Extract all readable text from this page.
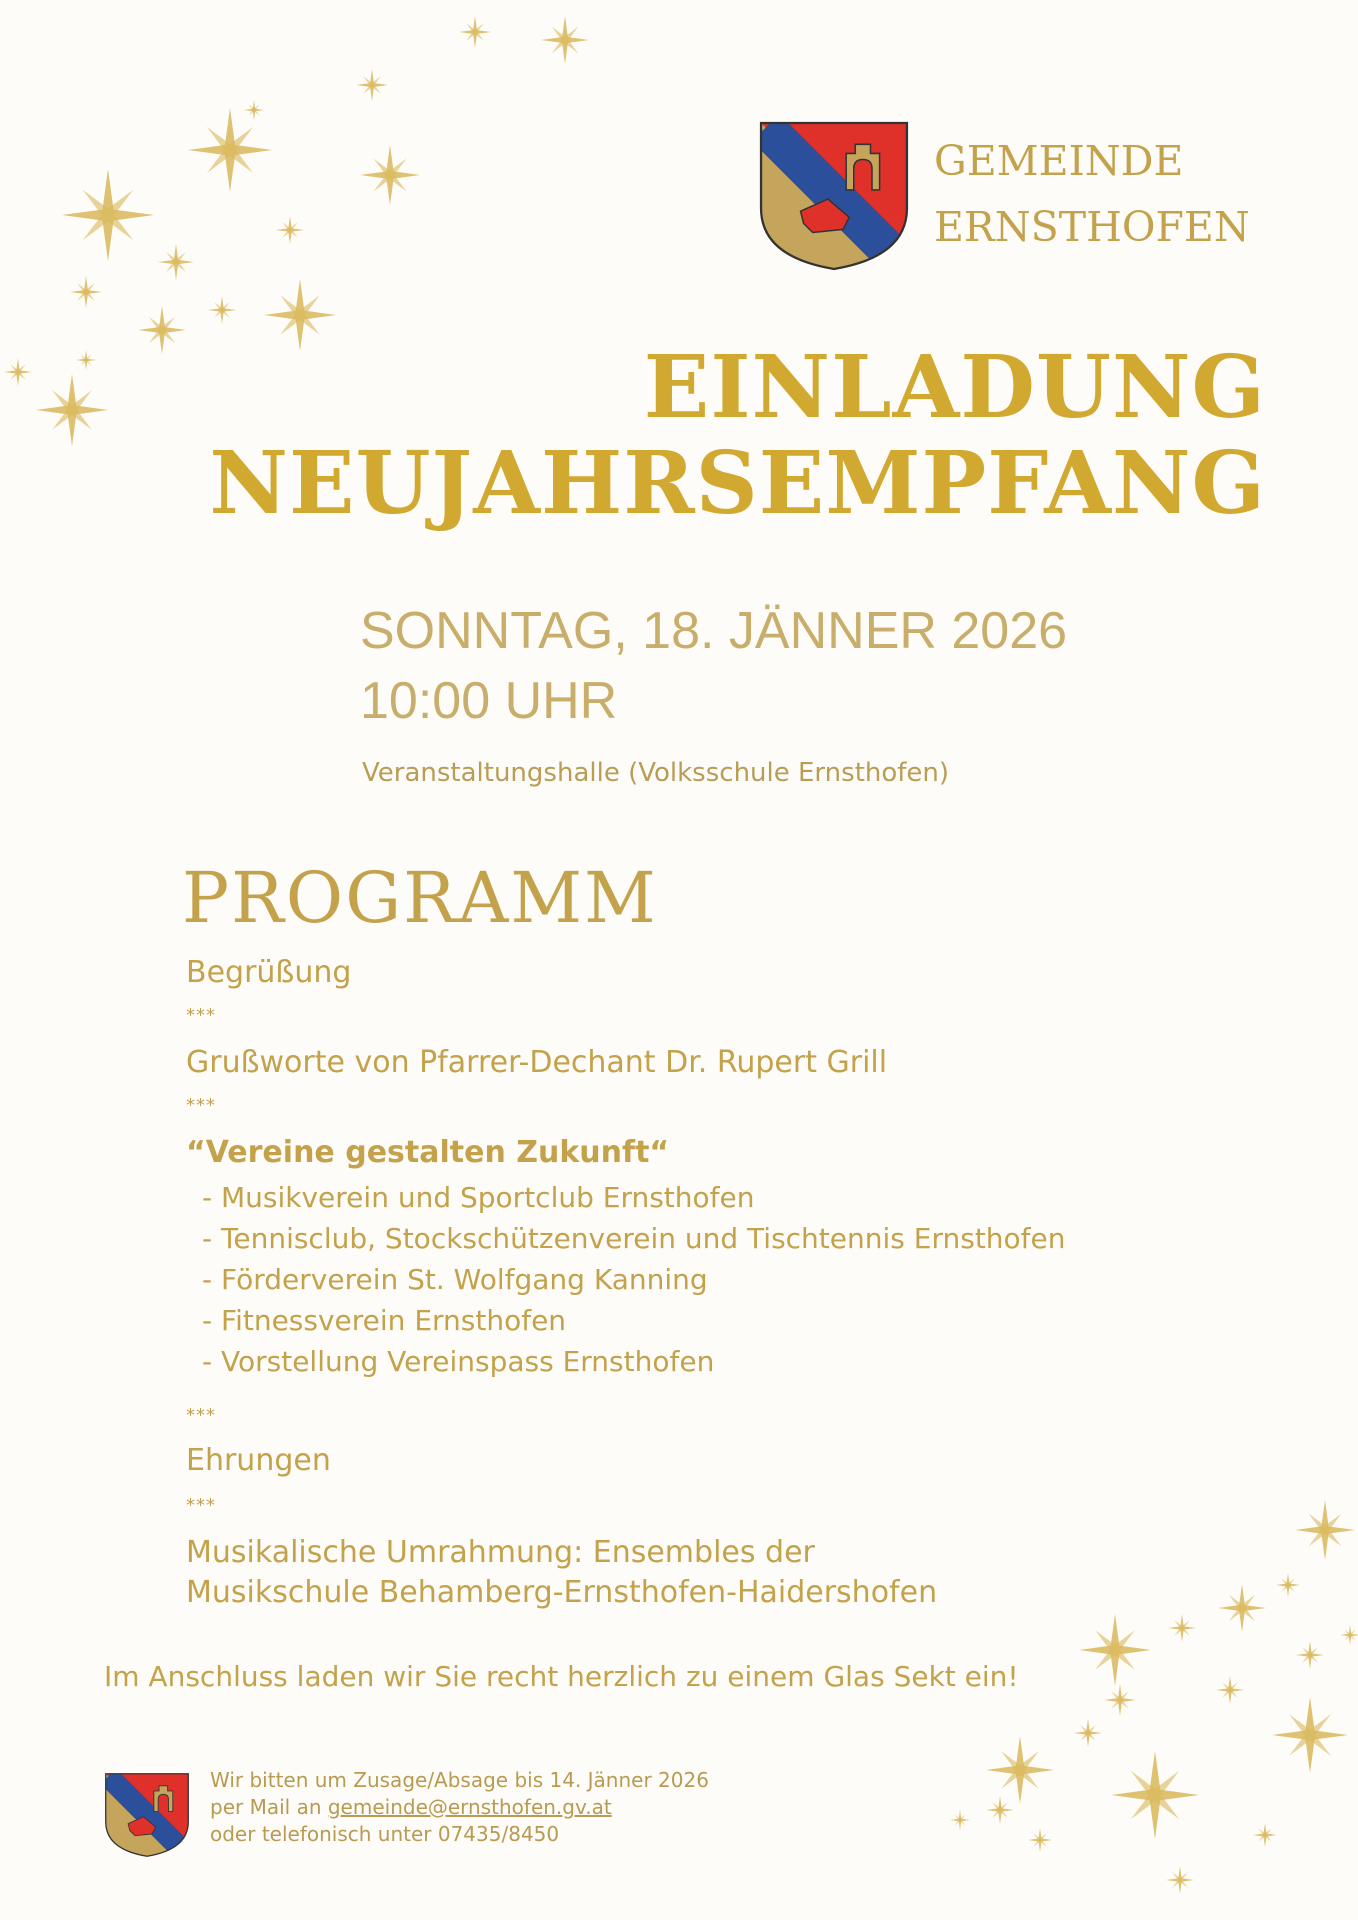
GEMEINDE
ERNSTHOFEN
EINLADUNG
NEUJAHRSEMPFANG
SONNTAG, 18. JÄNNER 2026
10:00 UHR
Veranstaltungshalle (Volksschule Ernsthofen)
PROGRAMM
Begrüßung
***
Grußworte von Pfarrer-Dechant Dr. Rupert Grill
***
“Vereine gestalten Zukunft“
- Musikverein und Sportclub Ernsthofen
- Tennisclub, Stockschützenverein und Tischtennis Ernsthofen
- Förderverein St. Wolfgang Kanning
- Fitnessverein Ernsthofen
- Vorstellung Vereinspass Ernsthofen
***
Ehrungen
***
Musikalische Umrahmung: Ensembles der
Musikschule Behamberg-Ernsthofen-Haidershofen
Im Anschluss laden wir Sie recht herzlich zu einem Glas Sekt ein!
Wir bitten um Zusage/Absage bis 14. Jänner 2026
per Mail an gemeinde@ernsthofen.gv.at
oder telefonisch unter 07435/8450
